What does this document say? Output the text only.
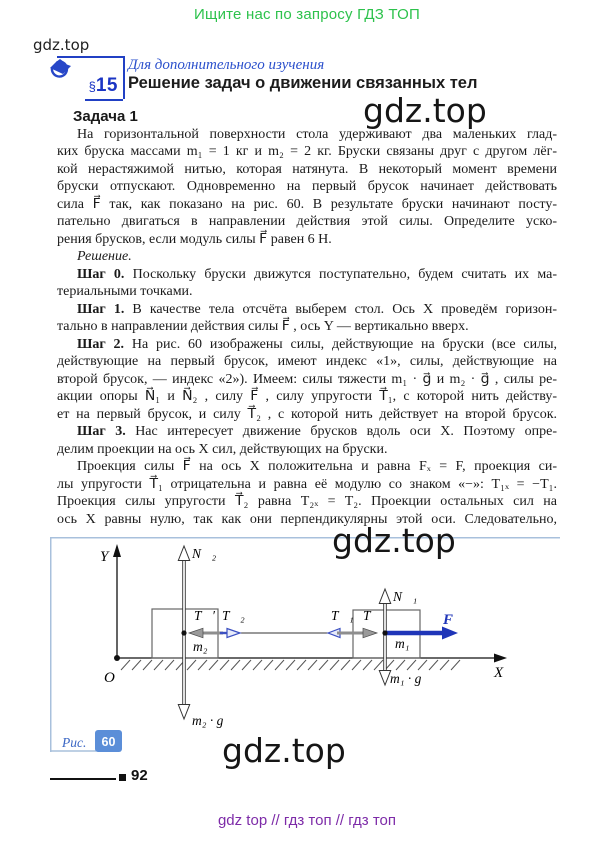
Ищите нас по запросу ГДЗ ТОП
gdz.top
§15
Для дополнительного изучения
Решение задач о движении связанных тел
gdz.top
Задача 1
На горизонтальной поверхности стола удерживают два маленьких глад-
ких бруска массами m₁ = 1 кг и m₂ = 2 кг. Бруски связаны друг с другом лёг-
кой нерастяжимой нитью, которая натянута. В некоторый момент времени
бруски отпускают. Одновременно на первый брусок начинает действовать
сила F⃗ так, как показано на рис. 60. В результате бруски начинают посту-
пательно двигаться в направлении действия этой силы. Определите уско-
рения брусков, если модуль силы F⃗ равен 6 Н.
Решение.
Шаг 0. Поскольку бруски движутся поступательно, будем считать их ма-
териальными точками.
Шаг 1. В качестве тела отсчёта выберем стол. Ось X проведём горизон-
тально в направлении действия силы F⃗ , ось Y — вертикально вверх.
Шаг 2. На рис. 60 изображены силы, действующие на бруски (все силы,
действующие на первый брусок, имеют индекс «1», силы, действующие на
второй брусок, — индекс «2»). Имеем: силы тяжести m₁ · g⃗ и m₂ · g⃗ , силы ре-
акции опоры N⃗₁ и N⃗₂ , силу F⃗ , силу упругости T⃗₁, с которой нить действу-
ет на первый брусок, и силу T⃗₂ , с которой нить действует на второй брусок.
Шаг 3. Нас интересует движение брусков вдоль оси X. Поэтому опре-
делим проекции на ось X сил, действующих на бруски.
Проекция силы F⃗ на ось X положительна и равна Fₓ = F, проекция си-
лы упругости T⃗₁ отрицательна и равна её модулю со знаком «−»: T₁ₓ = −T₁.
Проекция силы упругости T⃗₂ равна T₂ₓ = T₂. Проекции остальных сил на
ось X равны нулю, так как они перпендикулярны этой оси. Следовательно,
Y
O	X
N⃗₂
m₂
m₂ · g⃗
T⃗′ T⃗₂	T⃗₁ T⃗
N⃗₁
m₁
m₁ · g⃗
F⃗
Рис. 60
gdz.top
gdz.top
92
gdz top // гдз топ // гдз топ
